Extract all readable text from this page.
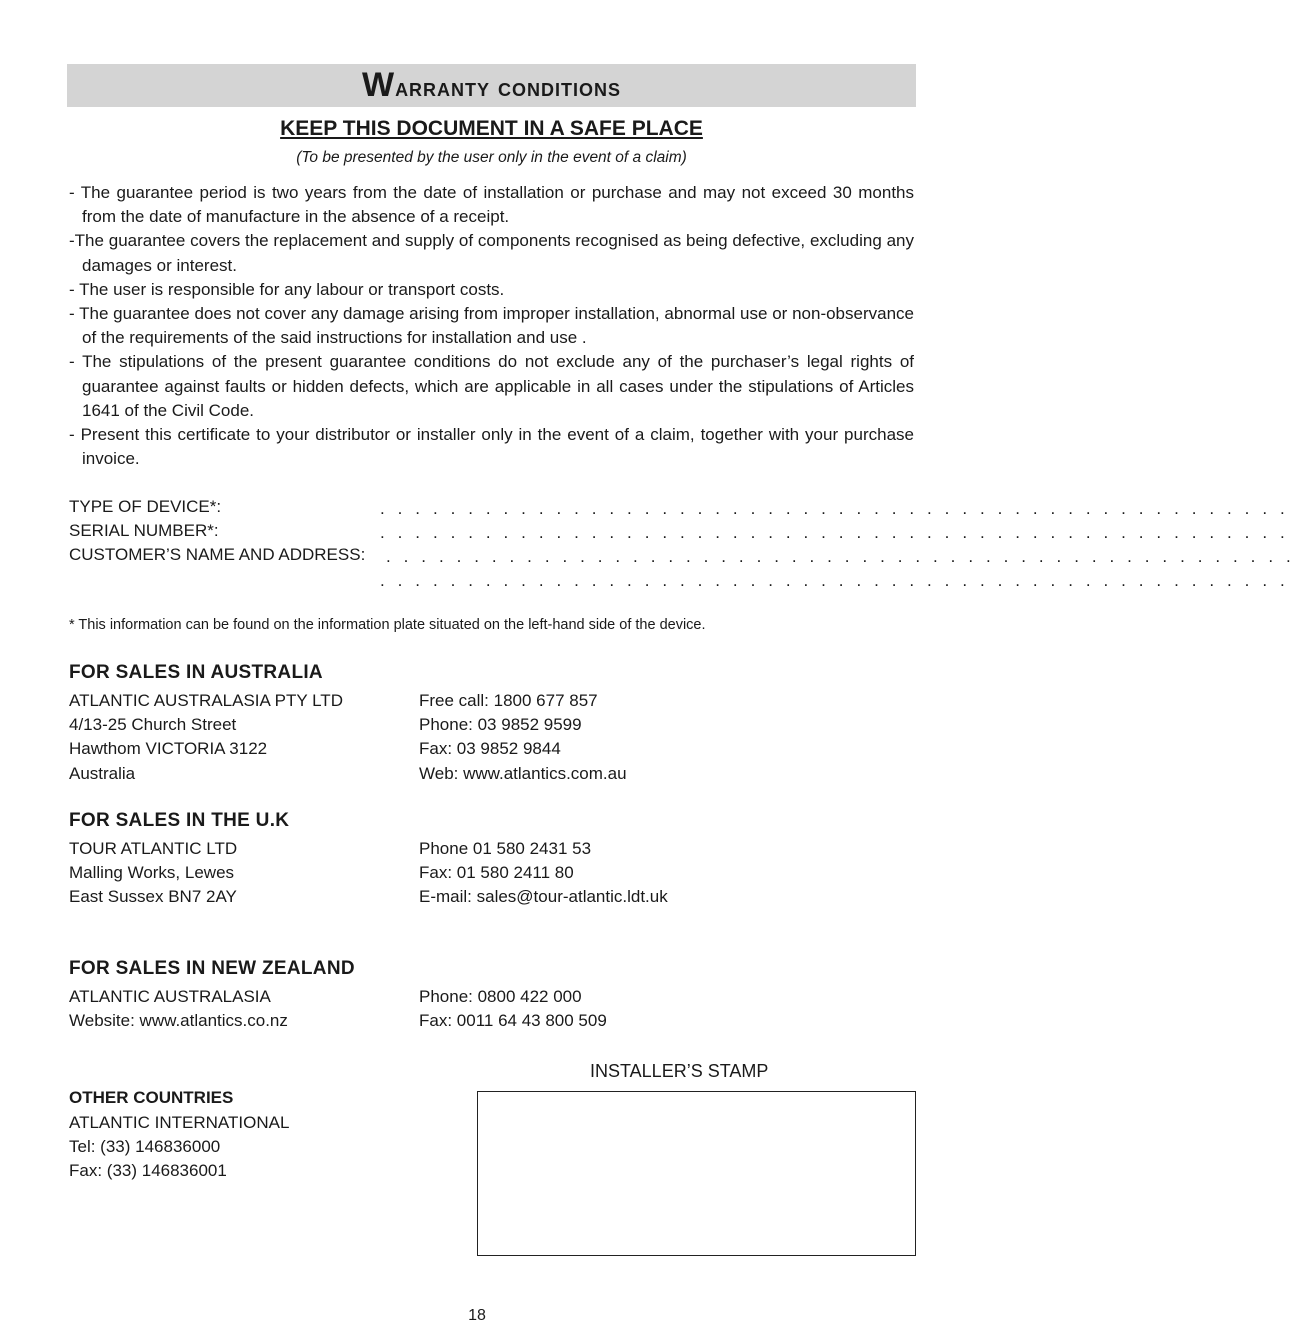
Warranty conditions

KEEP THIS DOCUMENT IN A SAFE PLACE

(To be presented by the user only in the event of a claim)

- The guarantee period is two years from the date of installation or purchase and may not exceed 30 months from the date of manufacture in the absence of a receipt.
-The guarantee covers the replacement and supply of components recognised as being defective, excluding any damages or interest.
- The user is responsible for any labour or transport costs.
- The guarantee does not cover any damage arising from improper installation, abnormal use or non-observance of the requirements of the said instructions for installation and use .
- The stipulations of the present guarantee conditions do not exclude any of the purchaser’s legal rights of guarantee against faults or hidden defects, which are applicable in all cases under the stipulations of Articles 1641 of the Civil Code.
- Present this certificate to your distributor or installer only in the event of a claim, together with your purchase invoice.
TYPE OF DEVICE*:	. . . . . . . . . . . . . . . . . . . . . . . . . . . . . . . . . . . . . . . . . . . . . . . . . . . .
SERIAL NUMBER*:	. . . . . . . . . . . . . . . . . . . . . . . . . . . . . . . . . . . . . . . . . . . . . . . . . . . .
CUSTOMER’S NAME AND ADDRESS: . . . . . . . . . . . . . . . . . . . . . . . . . . . . . . . . . . . . . . . . . . . . . . . . . . . .
. . . . . . . . . . . . . . . . . . . . . . . . . . . . . . . . . . . . . . . . . . . . . . . . . . . .
* This information can be found on the information plate situated on the left-hand side of the device.
FOR SALES IN AUSTRALIA
ATLANTIC AUSTRALASIA PTY LTD
4/13-25 Church Street
Hawthom VICTORIA 3122
Australia
Free call: 1800 677 857
Phone: 03 9852 9599
Fax: 03 9852 9844
Web: www.atlantics.com.au
FOR SALES IN THE U.K
TOUR ATLANTIC LTD
Malling Works, Lewes
East Sussex BN7 2AY
Phone 01 580 2431 53
Fax: 01 580 2411 80
E-mail: sales@tour-atlantic.ldt.uk
FOR SALES IN NEW ZEALAND
ATLANTIC AUSTRALASIA
Website: www.atlantics.co.nz
Phone: 0800 422 000
Fax: 0011 64 43 800 509
OTHER COUNTRIES
ATLANTIC INTERNATIONAL
Tel: (33) 146836000
Fax: (33) 146836001
INSTALLER’S STAMP
18
